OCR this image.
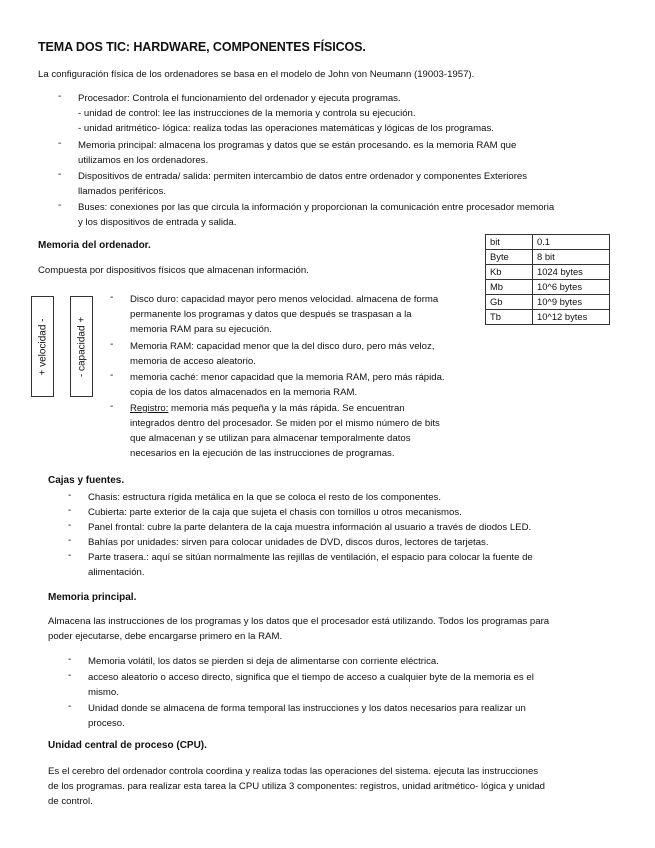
TEMA DOS TIC: HARDWARE, COMPONENTES FÍSICOS.
La configuración física de los ordenadores se basa en el modelo de John von Neumann (19003-1957).
- Procesador: Controla el funcionamiento del ordenador y ejecuta programas.
- unidad de control: lee las instrucciones de la memoria y controla su ejecución.
- unidad aritmético- lógica: realiza todas las operaciones matemáticas y lógicas de los programas.
- Memoria principal: almacena los programas y datos que se están procesando. es la memoria RAM que
utilizamos en los ordenadores.
- Dispositivos de entrada/ salida: permiten intercambio de datos entre ordenador y componentes Exteriores
llamados periféricos.
- Buses: conexiones por las que circula la información y proporcionan la comunicación entre procesador memoria
y los dispositivos de entrada y salida.
bit	0.1
Byte	8 bit
Kb	1024 bytes
Mb	10^6 bytes
Gb	10^9 bytes
Tb	10^12 bytes
Memoria del ordenador.
Compuesta por dispositivos físicos que almacenan información.
+ velocidad -	- capacidad +
- Disco duro: capacidad mayor pero menos velocidad. almacena de forma
permanente los programas y datos que después se traspasan a la
memoria RAM para su ejecución.
- Memoria RAM: capacidad menor que la del disco duro, pero más veloz,
memoria de acceso aleatorio.
- memoria caché: menor capacidad que la memoria RAM, pero más rápida.
copia de los datos almacenados en la memoria RAM.
- Registro: memoria más pequeña y la más rápida. Se encuentran
integrados dentro del procesador. Se miden por el mismo número de bits
que almacenan y se utilizan para almacenar temporalmente datos
necesarios en la ejecución de las instrucciones de programas.
Cajas y fuentes.
- Chasis: estructura rígida metálica en la que se coloca el resto de los componentes.
- Cubierta: parte exterior de la caja que sujeta el chasis con tornillos u otros mecanismos.
- Panel frontal: cubre la parte delantera de la caja muestra información al usuario a través de diodos LED.
- Bahías por unidades: sirven para colocar unidades de DVD, discos duros, lectores de tarjetas.
- Parte trasera.: aquí se sitúan normalmente las rejillas de ventilación, el espacio para colocar la fuente de
alimentación.
Memoria principal.
Almacena las instrucciones de los programas y los datos que el procesador está utilizando. Todos los programas para
poder ejecutarse, debe encargarse primero en la RAM.
- Memoria volátil, los datos se pierden si deja de alimentarse con corriente eléctrica.
- acceso aleatorio o acceso directo, significa que el tiempo de acceso a cualquier byte de la memoria es el
mismo.
- Unidad donde se almacena de forma temporal las instrucciones y los datos necesarios para realizar un
proceso.
Unidad central de proceso (CPU).
Es el cerebro del ordenador controla coordina y realiza todas las operaciones del sistema. ejecuta las instrucciones
de los programas. para realizar esta tarea la CPU utiliza 3 componentes: registros, unidad aritmético- lógica y unidad
de control.
